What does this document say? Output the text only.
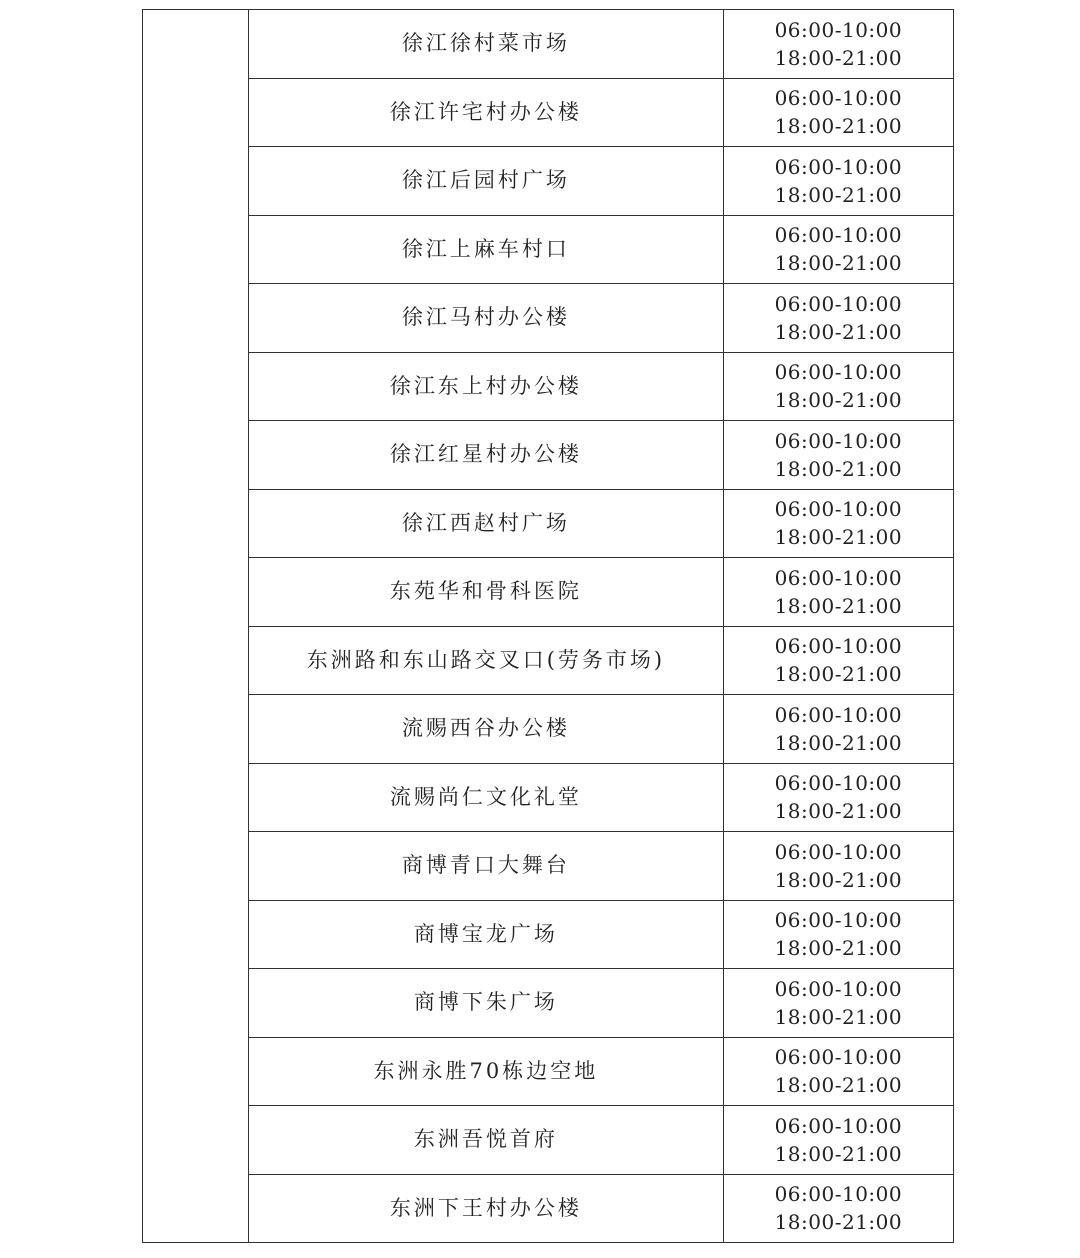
	徐江徐村菜市场	06:00-10:00
18:00-21:00

	徐江许宅村办公楼	06:00-10:00
18:00-21:00

	徐江后园村广场	06:00-10:00
18:00-21:00

	徐江上麻车村口	06:00-10:00
18:00-21:00

	徐江马村办公楼	06:00-10:00
18:00-21:00

	徐江东上村办公楼	06:00-10:00
18:00-21:00

	徐江红星村办公楼	06:00-10:00
18:00-21:00

	徐江西赵村广场	06:00-10:00
18:00-21:00

	东苑华和骨科医院	06:00-10:00
18:00-21:00

	东洲路和东山路交叉口(劳务市场)	06:00-10:00
18:00-21:00

	流赐西谷办公楼	06:00-10:00
18:00-21:00

	流赐尚仁文化礼堂	06:00-10:00
18:00-21:00

	商博青口大舞台	06:00-10:00
18:00-21:00

	商博宝龙广场	06:00-10:00
18:00-21:00

	商博下朱广场	06:00-10:00
18:00-21:00

	东洲永胜70栋边空地	06:00-10:00
18:00-21:00

	东洲吾悦首府	06:00-10:00
18:00-21:00

	东洲下王村办公楼	06:00-10:00
18:00-21:00
